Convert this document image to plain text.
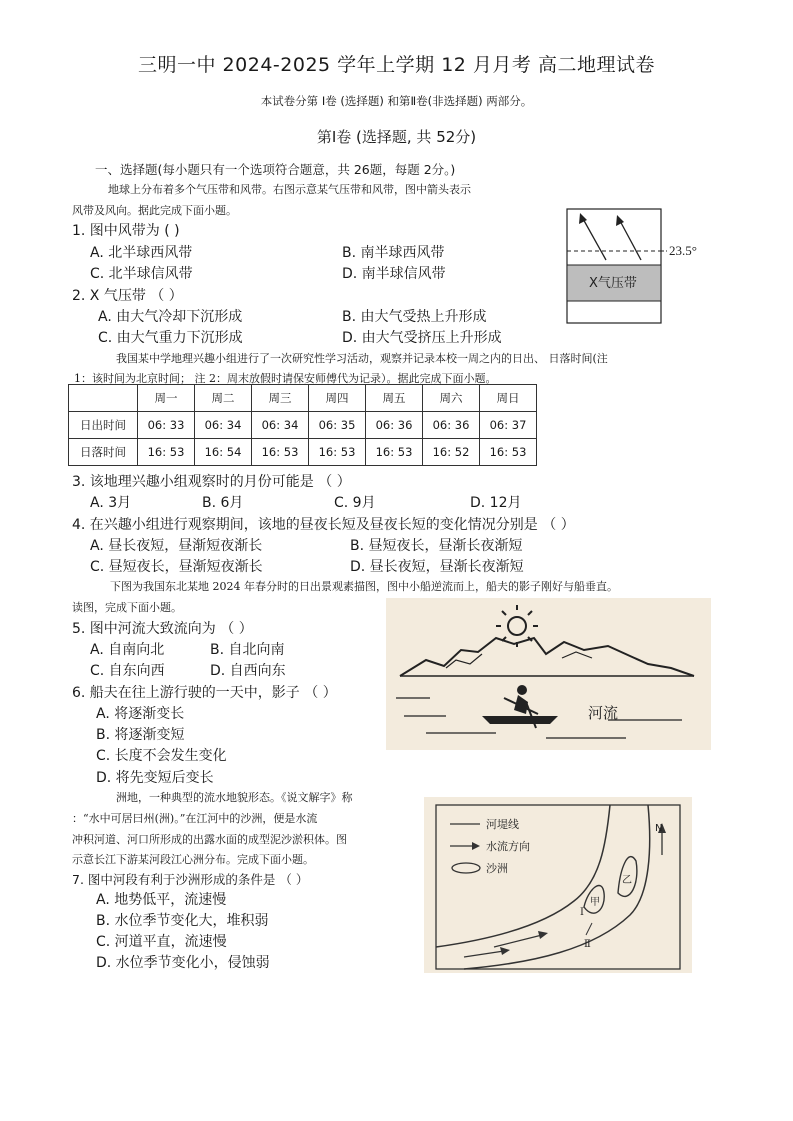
三明一中 2024-2025 学年上学期 12 月月考 高二地理试卷
本试卷分第 Ⅰ卷 (选择题) 和第Ⅱ卷(非选择题) 两部分。
第Ⅰ卷 (选择题, 共 52分)
一、选择题(每小题只有一个选项符合题意，共 26题，每题 2分。)
地球上分布着多个气压带和风带。右图示意某气压带和风带，图中箭头表示
风带及风向。据此完成下面小题。
1. 图中风带为 ( )
A. 北半球西风带	B. 南半球西风带
C. 北半球信风带	D. 南半球信风带
2. X 气压带 （ ）
A. 由大气冷却下沉形成	B. 由大气受热上升形成
C. 由大气重力下沉形成	D. 由大气受挤压上升形成
23.5°
X气压带
我国某中学地理兴趣小组进行了一次研究性学习活动，观察并记录本校一周之内的日出、 日落时间(注
1：该时间为北京时间； 注 2：周末放假时请保安师傅代为记录）。据此完成下面小题。
	周一	周二	周三	周四	周五	周六	周日
日出时间	06: 33	06: 34	06: 34	06: 35	06: 36	06: 36	06: 37
日落时间	16: 53	16: 54	16: 53	16: 53	16: 53	16: 52	16: 53
3. 该地理兴趣小组观察时的月份可能是 （ ）
A. 3月	B. 6月	C. 9月	D. 12月
4. 在兴趣小组进行观察期间，该地的昼夜长短及昼夜长短的变化情况分别是 （ ）
A. 昼长夜短，昼渐短夜渐长	B. 昼短夜长，昼渐长夜渐短
C. 昼短夜长，昼渐短夜渐长	D. 昼长夜短，昼渐长夜渐短
下图为我国东北某地 2024 年春分时的日出景观素描图，图中小船逆流而上，船夫的影子刚好与船垂直。
读图，完成下面小题。
5. 图中河流大致流向为 （ ）
A. 自南向北	B. 自北向南
C. 自东向西	D. 自西向东
6. 船夫在往上游行驶的一天中，影子 （ ）
A. 将逐渐变长
B. 将逐渐变短
C. 长度不会发生变化
D. 将先变短后变长
河流
洲地，一种典型的流水地貌形态。《说文解字》称
：“水中可居曰州(洲)。”在江河中的沙洲，便是水流
冲积河道、河口所形成的出露水面的成型泥沙淤积体。图
示意长江下游某河段江心洲分布。完成下面小题。
7. 图中河段有利于沙洲形成的条件是 （ ）
A. 地势低平，流速慢
B. 水位季节变化大，堆积弱
C. 河道平直，流速慢
D. 水位季节变化小，侵蚀弱
河堤线
水流方向
沙洲
N
甲
乙
Ⅰ
Ⅱ
